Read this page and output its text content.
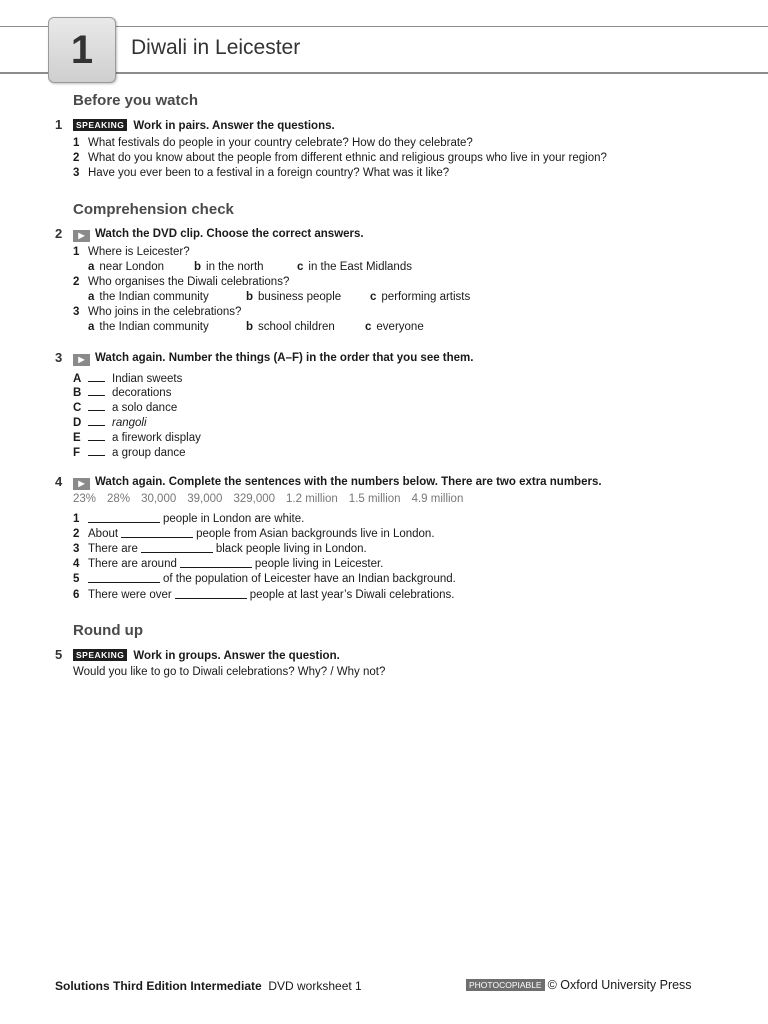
1 Diwali in Leicester
Before you watch
1	SPEAKING Work in pairs. Answer the questions.
1 What festivals do people in your country celebrate? How do they celebrate?
2 What do you know about the people from different ethnic and religious groups who live in your region?
3 Have you ever been to a festival in a foreign country? What was it like?
Comprehension check
2	▶ Watch the DVD clip. Choose the correct answers.
1 Where is Leicester?
a near London	b in the north	c in the East Midlands
2 Who organises the Diwali celebrations?
a the Indian community	b business people	c performing artists
3 Who joins in the celebrations?
a the Indian community	b school children	c everyone
3	▶ Watch again. Number the things (A–F) in the order that you see them.
A	Indian sweets
B	decorations
C	a solo dance
D	rangoli
E	a firework display
F	a group dance
4	▶ Watch again. Complete the sentences with the numbers below. There are two extra numbers.
23% 28% 30,000 39,000 329,000 1.2 million 1.5 million 4.9 million
1	people in London are white.
2 About	people from Asian backgrounds live in London.
3 There are	black people living in London.
4 There are around	people living in Leicester.
5	of the population of Leicester have an Indian background.
6 There were over	people at last year’s Diwali celebrations.
Round up
5	SPEAKING Work in groups. Answer the question.
Would you like to go to Diwali celebrations? Why? / Why not?
Solutions Third Edition Intermediate DVD worksheet 1	PHOTOCOPIABLE © Oxford University Press
